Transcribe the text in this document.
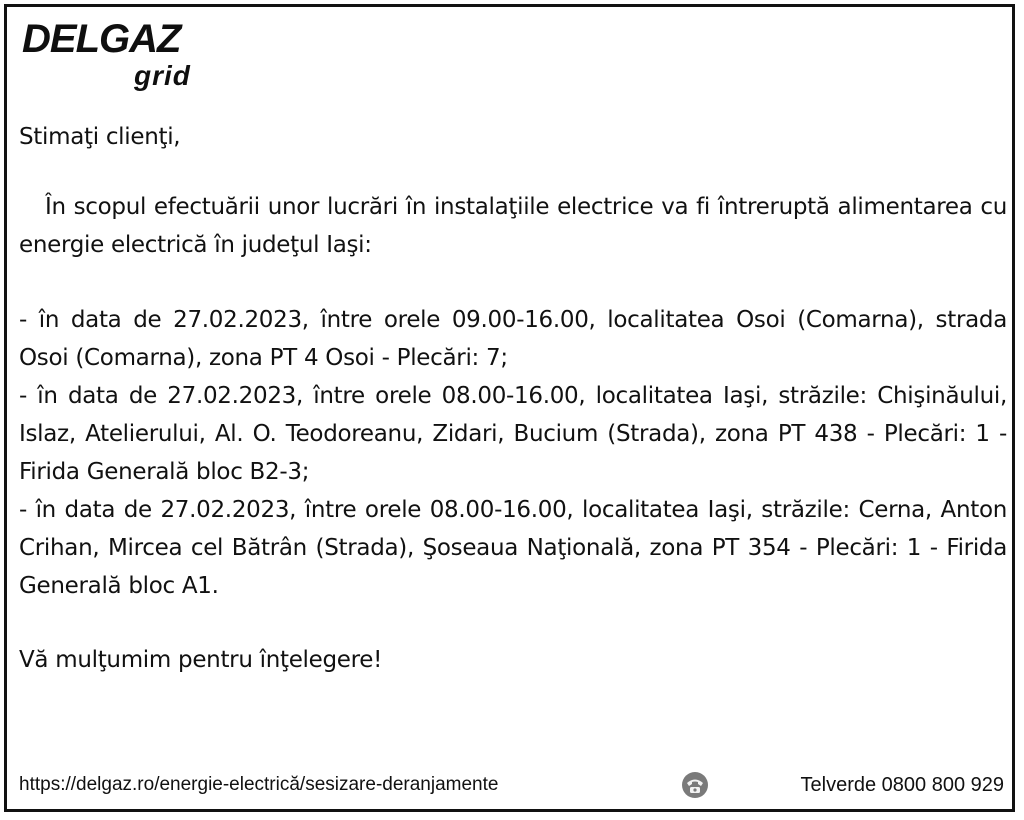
DELGAZ
grid

Stimaţi clienţi,

În scopul efectuării unor lucrări în instalaţiile electrice va fi întreruptă alimentarea cu energie electrică în judeţul Iaşi:

- în data de 27.02.2023, între orele 09.00-16.00, localitatea Osoi (Comarna), strada Osoi (Comarna), zona PT 4 Osoi - Plecări: 7;

- în data de 27.02.2023, între orele 08.00-16.00, localitatea Iaşi, străzile: Chişinăului, Islaz, Atelierului, Al. O. Teodoreanu, Zidari, Bucium (Strada), zona PT 438 - Plecări: 1 - Firida Generală bloc B2-3;

- în data de 27.02.2023, între orele 08.00-16.00, localitatea Iaşi, străzile: Cerna, Anton Crihan, Mircea cel Bătrân (Strada), Şoseaua Naţională, zona PT 354 - Plecări: 1 - Firida Generală bloc A1.

Vă mulţumim pentru înţelegere!

https://delgaz.ro/energie-electrică/sesizare-deranjamente	Telverde 0800 800 929
